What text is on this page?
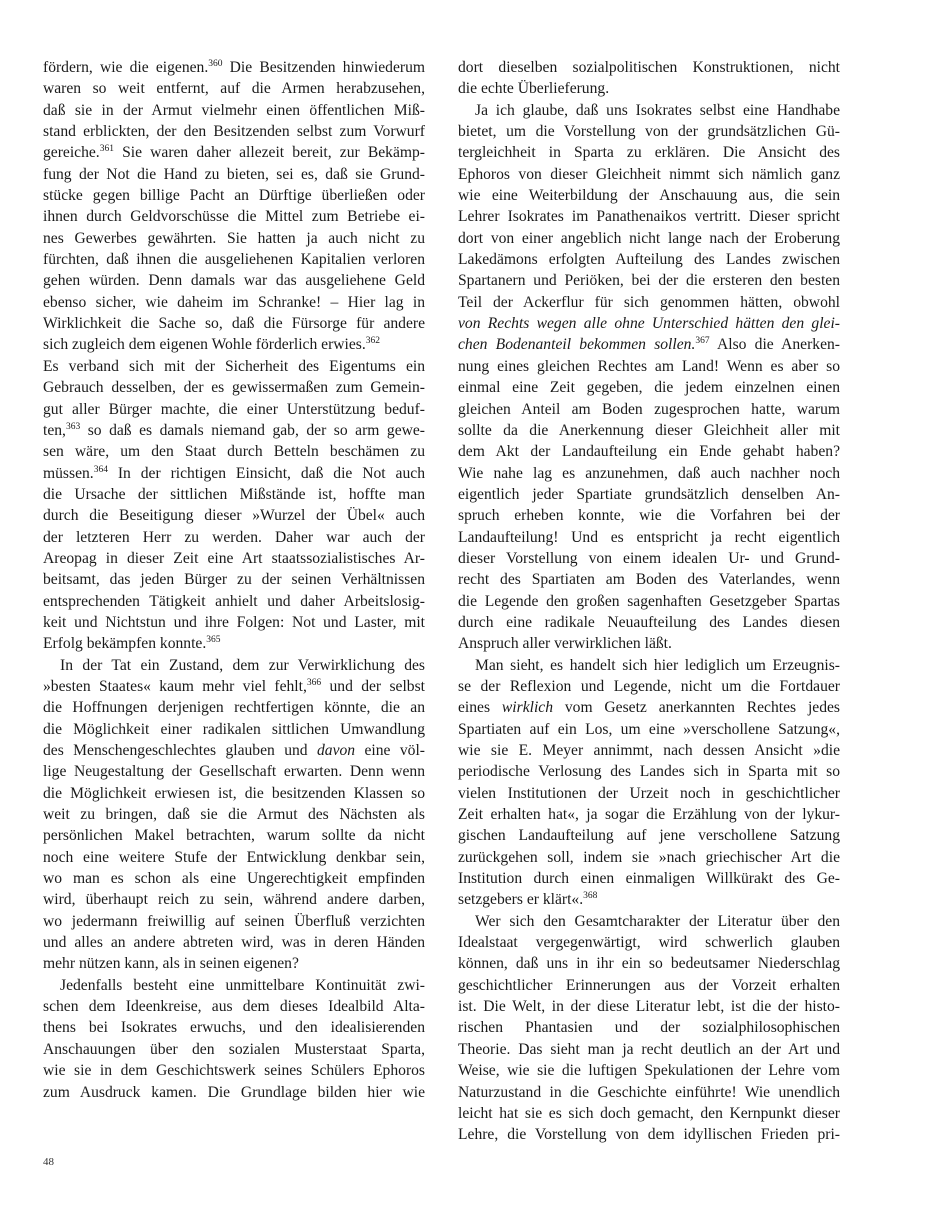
fördern, wie die eigenen.$^{360}$ Die Besitzenden hinwiederum
waren so weit entfernt, auf die Armen herabzusehen,
daß sie in der Armut vielmehr einen öffentlichen Miß-
stand erblickten, der den Besitzenden selbst zum Vorwurf
gereiche.$^{361}$ Sie waren daher allezeit bereit, zur Bekämp-
fung der Not die Hand zu bieten, sei es, daß sie Grund-
stücke gegen billige Pacht an Dürftige überließen oder
ihnen durch Geldvorschüsse die Mittel zum Betriebe ei-
nes Gewerbes gewährten. Sie hatten ja auch nicht zu
fürchten, daß ihnen die ausgeliehenen Kapitalien verloren
gehen würden. Denn damals war das ausgeliehene Geld
ebenso sicher, wie daheim im Schranke! – Hier lag in
Wirklichkeit die Sache so, daß die Fürsorge für andere
sich zugleich dem eigenen Wohle förderlich erwies.$^{362}$
Es verband sich mit der Sicherheit des Eigentums ein
Gebrauch desselben, der es gewissermaßen zum Gemein-
gut aller Bürger machte, die einer Unterstützung beduf-
ten,$^{363}$ so daß es damals niemand gab, der so arm gewe-
sen wäre, um den Staat durch Betteln beschämen zu
müssen.$^{364}$ In der richtigen Einsicht, daß die Not auch
die Ursache der sittlichen Mißstände ist, hoffte man
durch die Beseitigung dieser »Wurzel der Übel« auch
der letzteren Herr zu werden. Daher war auch der
Areopag in dieser Zeit eine Art staatssozialistisches Ar-
beitsamt, das jeden Bürger zu der seinen Verhältnissen
entsprechenden Tätigkeit anhielt und daher Arbeitslosig-
keit und Nichtstun und ihre Folgen: Not und Laster, mit
Erfolg bekämpfen konnte.$^{365}$
In der Tat ein Zustand, dem zur Verwirklichung des
»besten Staates« kaum mehr viel fehlt,$^{366}$ und der selbst
die Hoffnungen derjenigen rechtfertigen könnte, die an
die Möglichkeit einer radikalen sittlichen Umwandlung
des Menschengeschlechtes glauben und davon eine völ-
lige Neugestaltung der Gesellschaft erwarten. Denn wenn
die Möglichkeit erwiesen ist, die besitzenden Klassen so
weit zu bringen, daß sie die Armut des Nächsten als
persönlichen Makel betrachten, warum sollte da nicht
noch eine weitere Stufe der Entwicklung denkbar sein,
wo man es schon als eine Ungerechtigkeit empfinden
wird, überhaupt reich zu sein, während andere darben,
wo jedermann freiwillig auf seinen Überfluß verzichten
und alles an andere abtreten wird, was in deren Händen
mehr nützen kann, als in seinen eigenen?
Jedenfalls besteht eine unmittelbare Kontinuität zwi-
schen dem Ideenkreise, aus dem dieses Idealbild Alta-
thens bei Isokrates erwuchs, und den idealisierenden
Anschauungen über den sozialen Musterstaat Sparta,
wie sie in dem Geschichtswerk seines Schülers Ephoros
zum Ausdruck kamen. Die Grundlage bilden hier wie
dort dieselben sozialpolitischen Konstruktionen, nicht
die echte Überlieferung.
Ja ich glaube, daß uns Isokrates selbst eine Handhabe
bietet, um die Vorstellung von der grundsätzlichen Gü-
tergleichheit in Sparta zu erklären. Die Ansicht des
Ephoros von dieser Gleichheit nimmt sich nämlich ganz
wie eine Weiterbildung der Anschauung aus, die sein
Lehrer Isokrates im Panathenaikos vertritt. Dieser spricht
dort von einer angeblich nicht lange nach der Eroberung
Lakedämons erfolgten Aufteilung des Landes zwischen
Spartanern und Periöken, bei der die ersteren den besten
Teil der Ackerflur für sich genommen hätten, obwohl
von Rechts wegen alle ohne Unterschied hätten den glei-
chen Bodenanteil bekommen sollen.$^{367}$ Also die Anerken-
nung eines gleichen Rechtes am Land! Wenn es aber so
einmal eine Zeit gegeben, die jedem einzelnen einen
gleichen Anteil am Boden zugesprochen hatte, warum
sollte da die Anerkennung dieser Gleichheit aller mit
dem Akt der Landaufteilung ein Ende gehabt haben?
Wie nahe lag es anzunehmen, daß auch nachher noch
eigentlich jeder Spartiate grundsätzlich denselben An-
spruch erheben konnte, wie die Vorfahren bei der
Landaufteilung! Und es entspricht ja recht eigentlich
dieser Vorstellung von einem idealen Ur- und Grund-
recht des Spartiaten am Boden des Vaterlandes, wenn
die Legende den großen sagenhaften Gesetzgeber Spartas
durch eine radikale Neuaufteilung des Landes diesen
Anspruch aller verwirklichen läßt.
Man sieht, es handelt sich hier lediglich um Erzeugnis-
se der Reflexion und Legende, nicht um die Fortdauer
eines wirklich vom Gesetz anerkannten Rechtes jedes
Spartiaten auf ein Los, um eine »verschollene Satzung«,
wie sie E. Meyer annimmt, nach dessen Ansicht »die
periodische Verlosung des Landes sich in Sparta mit so
vielen Institutionen der Urzeit noch in geschichtlicher
Zeit erhalten hat«, ja sogar die Erzählung von der lykur-
gischen Landaufteilung auf jene verschollene Satzung
zurückgehen soll, indem sie »nach griechischer Art die
Institution durch einen einmaligen Willkürakt des Ge-
setzgebers er klärt«.$^{368}$
Wer sich den Gesamtcharakter der Literatur über den
Idealstaat vergegenwärtigt, wird schwerlich glauben
können, daß uns in ihr ein so bedeutsamer Niederschlag
geschichtlicher Erinnerungen aus der Vorzeit erhalten
ist. Die Welt, in der diese Literatur lebt, ist die der histo-
rischen Phantasien und der sozialphilosophischen
Theorie. Das sieht man ja recht deutlich an der Art und
Weise, wie sie die luftigen Spekulationen der Lehre vom
Naturzustand in die Geschichte einführte! Wie unendlich
leicht hat sie es sich doch gemacht, den Kernpunkt dieser
Lehre, die Vorstellung von dem idyllischen Frieden pri-
48
